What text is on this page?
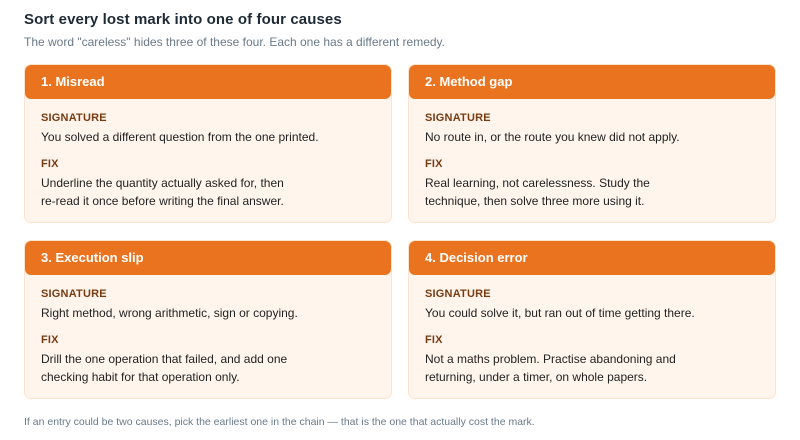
Sort every lost mark into one of four causes
The word "careless" hides three of these four. Each one has a different remedy.
1. Misread
SIGNATURE
You solved a different question from the one printed.
FIX
Underline the quantity actually asked for, then
re-read it once before writing the final answer.
2. Method gap
SIGNATURE
No route in, or the route you knew did not apply.
FIX
Real learning, not carelessness. Study the
technique, then solve three more using it.
3. Execution slip
SIGNATURE
Right method, wrong arithmetic, sign or copying.
FIX
Drill the one operation that failed, and add one
checking habit for that operation only.
4. Decision error
SIGNATURE
You could solve it, but ran out of time getting there.
FIX
Not a maths problem. Practise abandoning and
returning, under a timer, on whole papers.
If an entry could be two causes, pick the earliest one in the chain — that is the one that actually cost the mark.
